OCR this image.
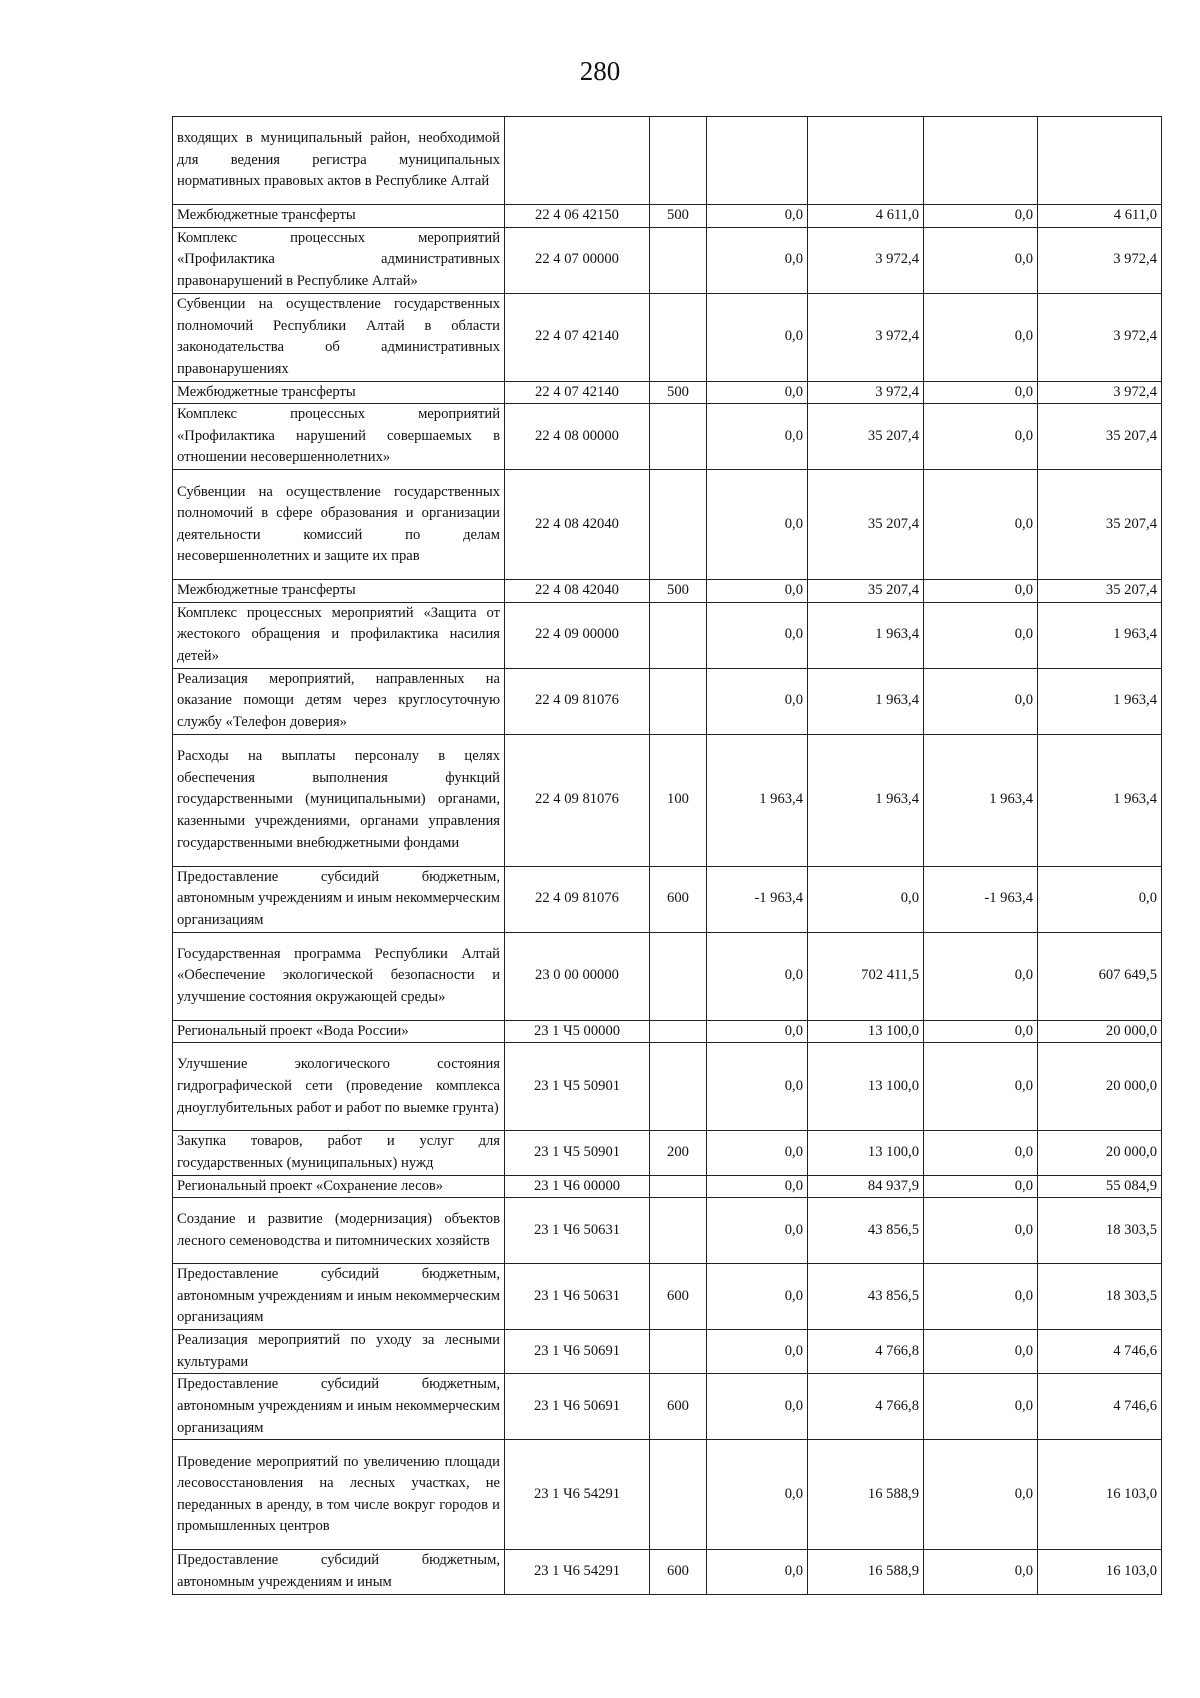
280
входящих в муниципальный район, необходимой для ведения регистра муниципальных нормативных правовых актов в Республике Алтай						
Межбюджетные трансферты	22 4 06 42150	500	0,0	4 611,0	0,0	4 611,0
Комплекс процессных мероприятий «Профилактика административных правонарушений в Республике Алтай»	22 4 07 00000		0,0	3 972,4	0,0	3 972,4
Субвенции на осуществление государственных полномочий Республики Алтай в области законодательства об административных правонарушениях	22 4 07 42140		0,0	3 972,4	0,0	3 972,4
Межбюджетные трансферты	22 4 07 42140	500	0,0	3 972,4	0,0	3 972,4
Комплекс процессных мероприятий «Профилактика нарушений совершаемых в отношении несовершеннолетних»	22 4 08 00000		0,0	35 207,4	0,0	35 207,4
Субвенции на осуществление государственных полномочий в сфере образования и организации деятельности комиссий по делам несовершеннолетних и защите их прав	22 4 08 42040		0,0	35 207,4	0,0	35 207,4
Межбюджетные трансферты	22 4 08 42040	500	0,0	35 207,4	0,0	35 207,4
Комплекс процессных мероприятий «Защита от жестокого обращения и профилактика насилия детей»	22 4 09 00000		0,0	1 963,4	0,0	1 963,4
Реализация мероприятий, направленных на оказание помощи детям через круглосуточную службу «Телефон доверия»	22 4 09 81076		0,0	1 963,4	0,0	1 963,4
Расходы на выплаты персоналу в целях обеспечения выполнения функций государственными (муниципальными) органами, казенными учреждениями, органами управления государственными внебюджетными фондами	22 4 09 81076	100	1 963,4	1 963,4	1 963,4	1 963,4
Предоставление субсидий бюджетным, автономным учреждениям и иным некоммерческим организациям	22 4 09 81076	600	-1 963,4	0,0	-1 963,4	0,0
Государственная программа Республики Алтай «Обеспечение экологической безопасности и улучшение состояния окружающей среды»	23 0 00 00000		0,0	702 411,5	0,0	607 649,5
Региональный проект «Вода России»	23 1 Ч5 00000		0,0	13 100,0	0,0	20 000,0
Улучшение экологического состояния гидрографической сети (проведение комплекса дноуглубительных работ и работ по выемке грунта)	23 1 Ч5 50901		0,0	13 100,0	0,0	20 000,0
Закупка товаров, работ и услуг для государственных (муниципальных) нужд	23 1 Ч5 50901	200	0,0	13 100,0	0,0	20 000,0
Региональный проект «Сохранение лесов»	23 1 Ч6 00000		0,0	84 937,9	0,0	55 084,9
Создание и развитие (модернизация) объектов лесного семеноводства и питомнических хозяйств	23 1 Ч6 50631		0,0	43 856,5	0,0	18 303,5
Предоставление субсидий бюджетным, автономным учреждениям и иным некоммерческим организациям	23 1 Ч6 50631	600	0,0	43 856,5	0,0	18 303,5
Реализация мероприятий по уходу за лесными культурами	23 1 Ч6 50691		0,0	4 766,8	0,0	4 746,6
Предоставление субсидий бюджетным, автономным учреждениям и иным некоммерческим организациям	23 1 Ч6 50691	600	0,0	4 766,8	0,0	4 746,6
Проведение мероприятий по увеличению площади лесовосстановления на лесных участках, не переданных в аренду, в том числе вокруг городов и промышленных центров	23 1 Ч6 54291		0,0	16 588,9	0,0	16 103,0
Предоставление субсидий бюджетным, автономным учреждениям и иным	23 1 Ч6 54291	600	0,0	16 588,9	0,0	16 103,0
